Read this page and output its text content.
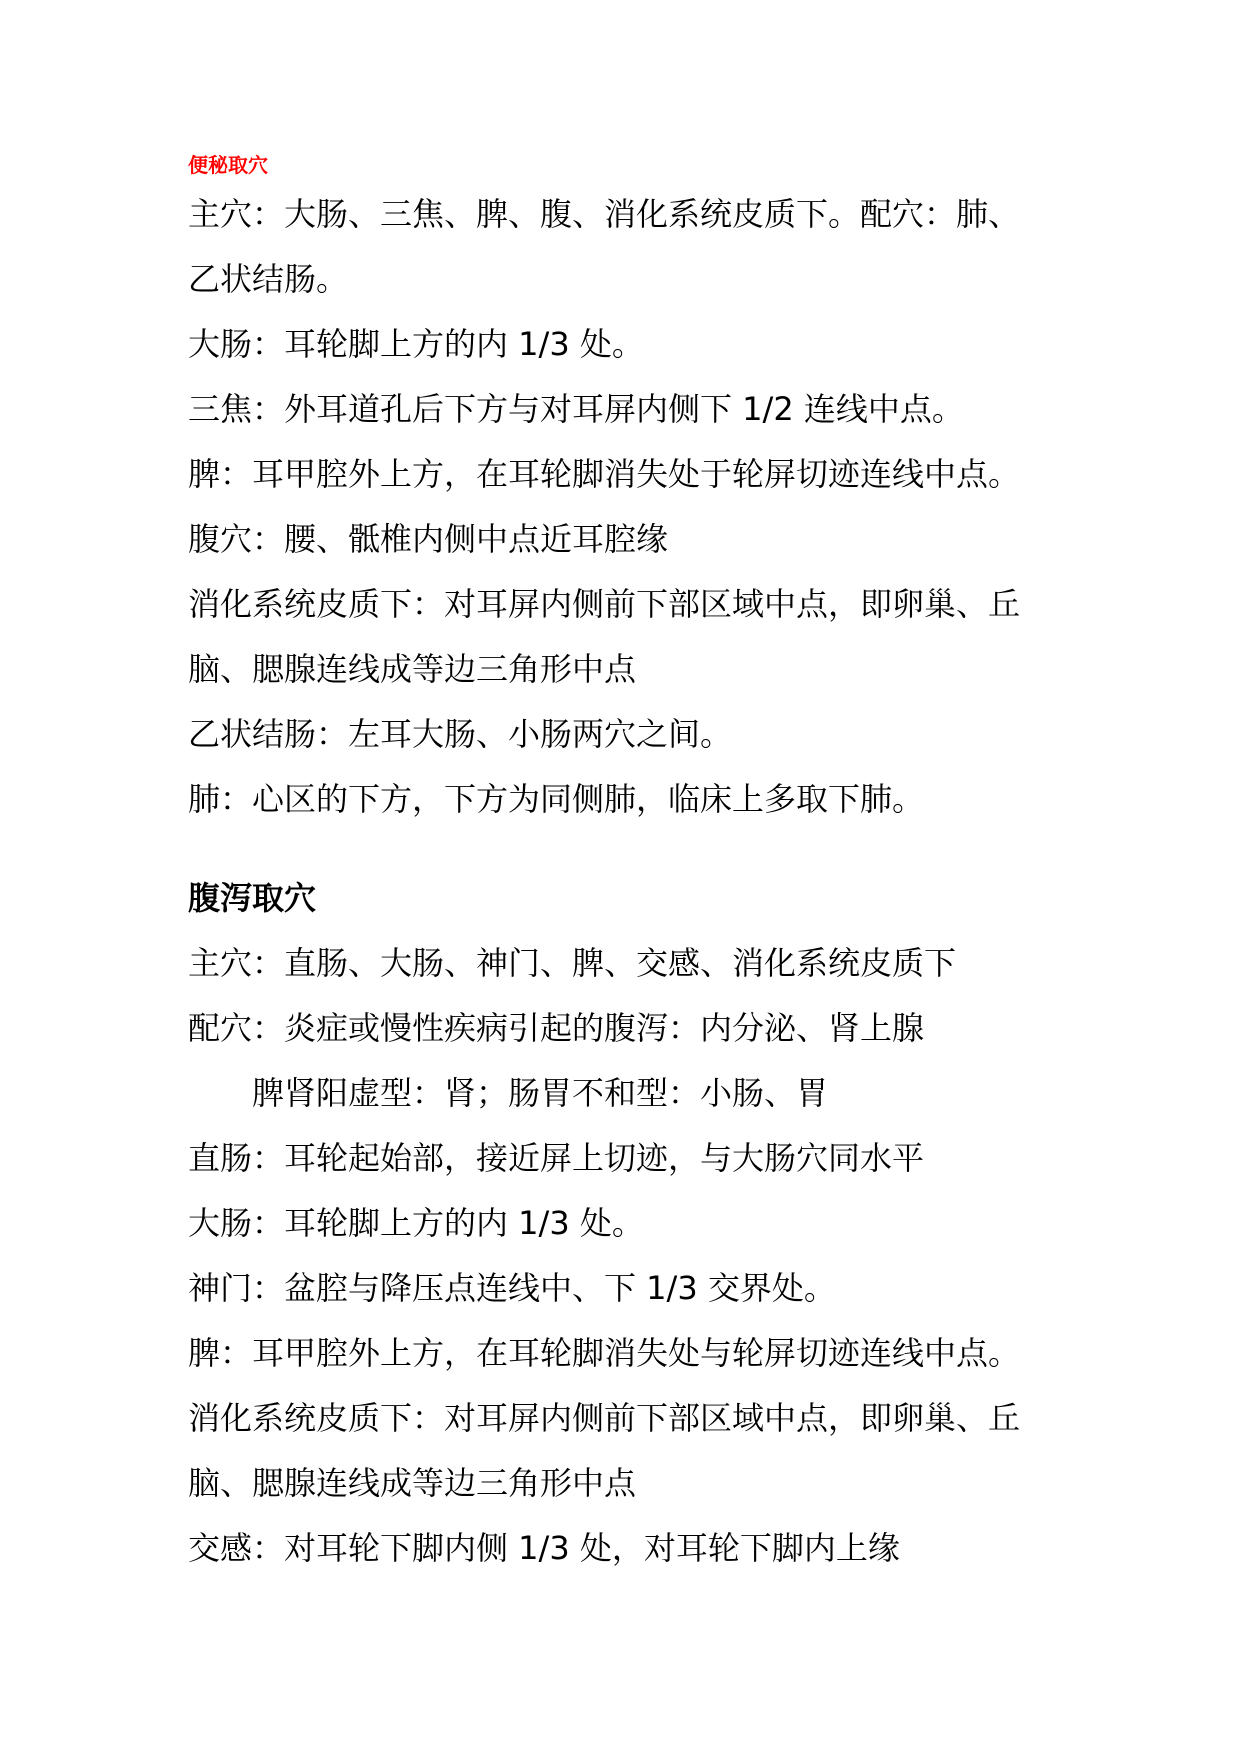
便秘取穴
主穴：大肠、三焦、脾、腹、消化系统皮质下。配穴：肺、
乙状结肠。
大肠：耳轮脚上方的内 1/3 处。
三焦：外耳道孔后下方与对耳屏内侧下 1/2 连线中点。
脾：耳甲腔外上方，在耳轮脚消失处于轮屏切迹连线中点。
腹穴：腰、骶椎内侧中点近耳腔缘
消化系统皮质下：对耳屏内侧前下部区域中点，即卵巢、丘
脑、腮腺连线成等边三角形中点
乙状结肠：左耳大肠、小肠两穴之间。
肺：心区的下方，下方为同侧肺，临床上多取下肺。
腹泻取穴
主穴：直肠、大肠、神门、脾、交感、消化系统皮质下
配穴：炎症或慢性疾病引起的腹泻：内分泌、肾上腺
脾肾阳虚型：肾；肠胃不和型：小肠、胃
直肠：耳轮起始部，接近屏上切迹，与大肠穴同水平
大肠：耳轮脚上方的内 1/3 处。
神门：盆腔与降压点连线中、下 1/3 交界处。
脾：耳甲腔外上方，在耳轮脚消失处与轮屏切迹连线中点。
消化系统皮质下：对耳屏内侧前下部区域中点，即卵巢、丘
脑、腮腺连线成等边三角形中点
交感：对耳轮下脚内侧 1/3 处，对耳轮下脚内上缘
